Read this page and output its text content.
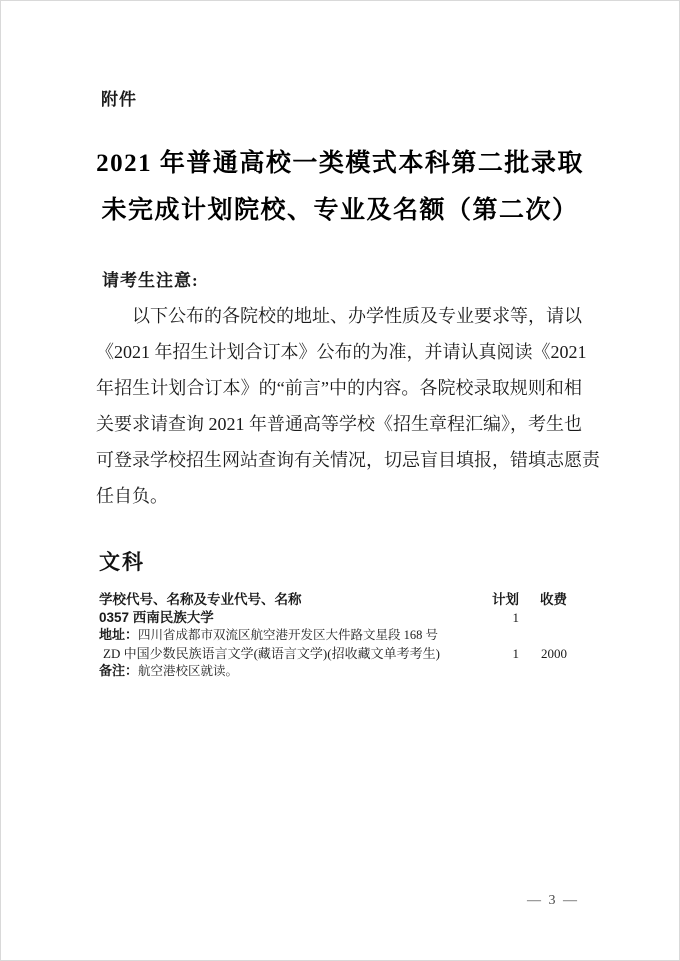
附件
2021 年普通高校一类模式本科第二批录取
未完成计划院校、专业及名额（第二次）
请考生注意:
以下公布的各院校的地址、办学性质及专业要求等，请以
《2021 年招生计划合订本》公布的为准，并请认真阅读《2021
年招生计划合订本》的“前言”中的内容。各院校录取规则和相
关要求请查询 2021 年普通高等学校《招生章程汇编》，考生也
可登录学校招生网站查询有关情况，切忌盲目填报，错填志愿责
任自负。
文科
学校代号、名称及专业代号、名称	计划	收费
0357 西南民族大学	1
地址：四川省成都市双流区航空港开发区大件路文星段 168 号
ZD 中国少数民族语言文学(藏语言文学)(招收藏文单考考生)	1	2000
备注：航空港校区就读。
— 3 —
